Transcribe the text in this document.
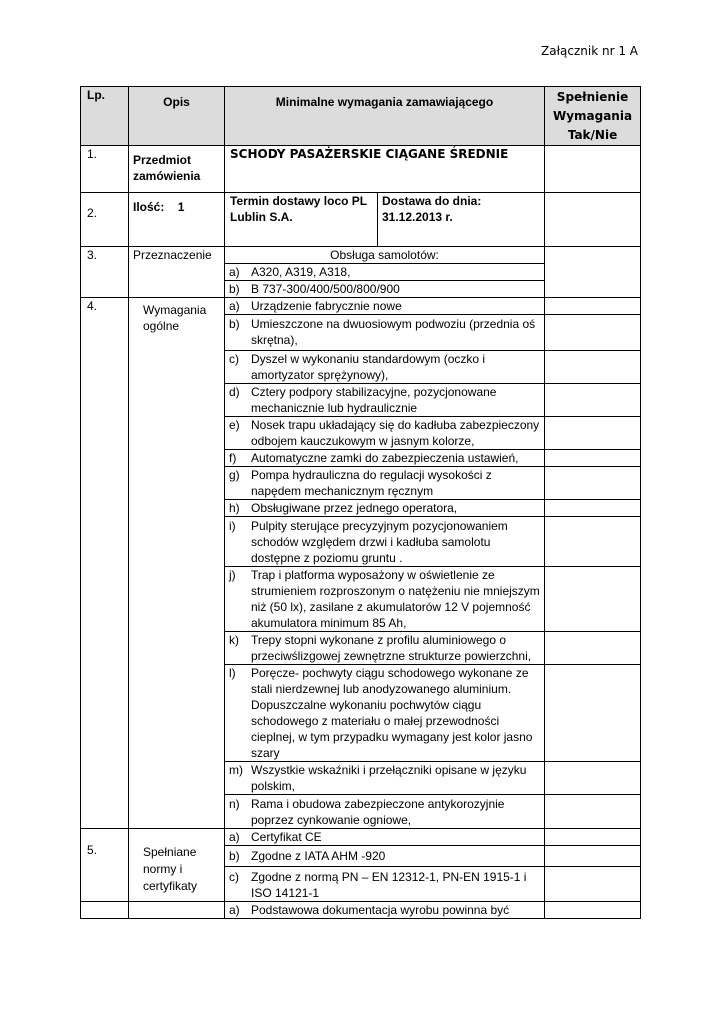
Załącznik nr 1 A
Lp.	Opis	Minimalne wymagania zamawiającego		Spełnienie
Wymagania
Tak/Nie

1.	Przedmiot zamówienia	SCHODY PASAŻERSKIE CIĄGANE ŚREDNIE		
2.	Ilość: 1	Termin dostawy loco PL Lublin S.A.	Dostawa do dnia: 31.12.2013 r.	
3.	Przeznaczenie	Obsługa samolotów:		

		a) A320, A319, A318,		

		b) B 737-300/400/500/800/900		

4.	Wymagania ogólne	a) Urządzenie fabrycznie nowe		

		b) Umieszczone na dwuosiowym podwoziu (przednia oś skrętna),		

		c) Dyszel w wykonaniu standardowym (oczko i amortyzator sprężynowy),		

		d) Cztery podpory stabilizacyjne, pozycjonowane mechanicznie lub hydraulicznie		

		e) Nosek trapu układający się do kadłuba zabezpieczony odbojem kauczukowym w jasnym kolorze,		

		f) Automatyczne zamki do zabezpieczenia ustawień,		

		g) Pompa hydrauliczna do regulacji wysokości z napędem mechanicznym ręcznym		

		h) Obsługiwane przez jednego operatora,		

		i) Pulpity sterujące precyzyjnym pozycjonowaniem schodów względem drzwi i kadłuba samolotu dostępne z poziomu gruntu .		

		j) Trap i platforma wyposażony w oświetlenie ze strumieniem rozproszonym o natężeniu nie mniejszym niż (50 lx), zasilane z akumulatorów 12 V pojemność akumulatora minimum 85 Ah,		

		k) Trepy stopni wykonane z profilu aluminiowego o przeciwślizgowej zewnętrzne strukturze powierzchni,		

		l) Poręcze- pochwyty ciągu schodowego wykonane ze stali nierdzewnej lub anodyzowanego aluminium. Dopuszczalne wykonaniu pochwytów ciągu schodowego z materiału o małej przewodności cieplnej, w tym przypadku wymagany jest kolor jasno szary		

		m) Wszystkie wskaźniki i przełączniki opisane w języku polskim,		

		n) Rama i obudowa zabezpieczone antykorozyjnie poprzez cynkowanie ogniowe,		

5.	Spełniane normy i certyfikaty	a) Certyfikat CE		

		b) Zgodne z IATA AHM -920		

		c) Zgodne z normą PN – EN 12312-1, PN-EN 1915-1 i ISO 14121-1		

		a) Podstawowa dokumentacja wyrobu powinna być		
